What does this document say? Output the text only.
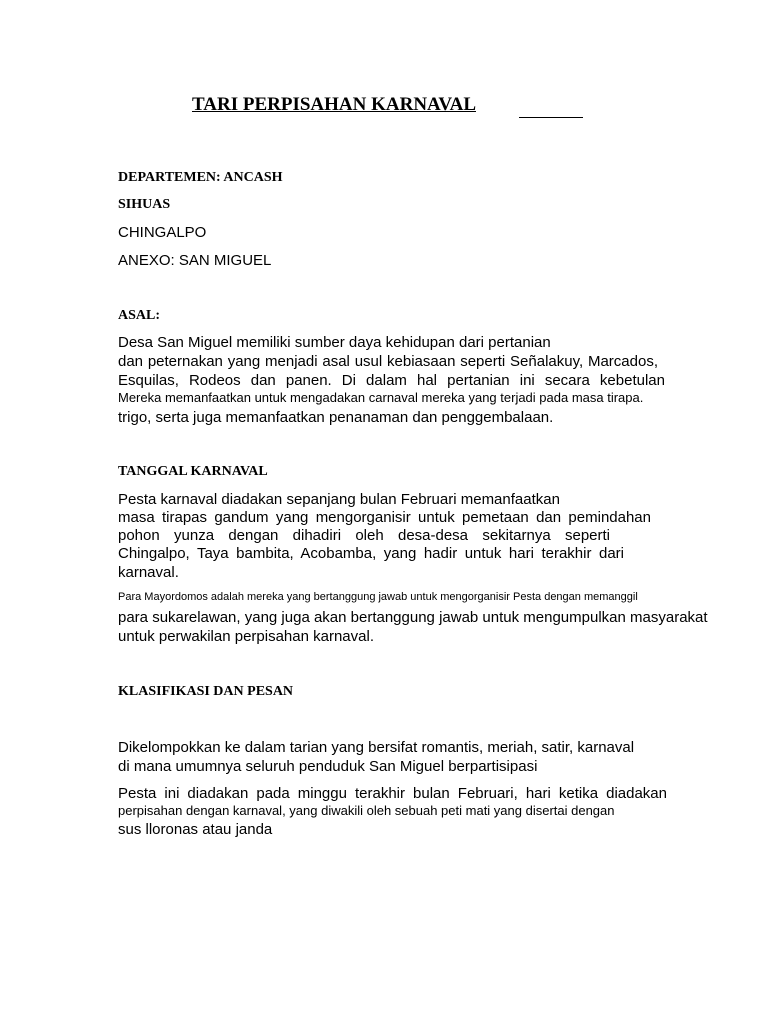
TARI PERPISAHAN KARNAVAL
DEPARTEMEN: ANCASH
SIHUAS
CHINGALPO
ANEXO: SAN MIGUEL
ASAL:
Desa San Miguel memiliki sumber daya kehidupan dari pertanian
dan peternakan yang menjadi asal usul kebiasaan seperti Señalakuy, Marcados,
Esquilas, Rodeos dan panen. Di dalam hal pertanian ini secara kebetulan
Mereka memanfaatkan untuk mengadakan carnaval mereka yang terjadi pada masa tirapa.
trigo, serta juga memanfaatkan penanaman dan penggembalaan.
TANGGAL KARNAVAL
Pesta karnaval diadakan sepanjang bulan Februari memanfaatkan
masa tirapas gandum yang mengorganisir untuk pemetaan dan pemindahan
pohon yunza dengan dihadiri oleh desa-desa sekitarnya seperti
Chingalpo, Taya bambita, Acobamba, yang hadir untuk hari terakhir dari
karnaval.
Para Mayordomos adalah mereka yang bertanggung jawab untuk mengorganisir Pesta dengan memanggil
para sukarelawan, yang juga akan bertanggung jawab untuk mengumpulkan masyarakat
untuk perwakilan perpisahan karnaval.
KLASIFIKASI DAN PESAN
Dikelompokkan ke dalam tarian yang bersifat romantis, meriah, satir, karnaval
di mana umumnya seluruh penduduk San Miguel berpartisipasi
Pesta ini diadakan pada minggu terakhir bulan Februari, hari ketika diadakan
perpisahan dengan karnaval, yang diwakili oleh sebuah peti mati yang disertai dengan
sus lloronas atau janda
